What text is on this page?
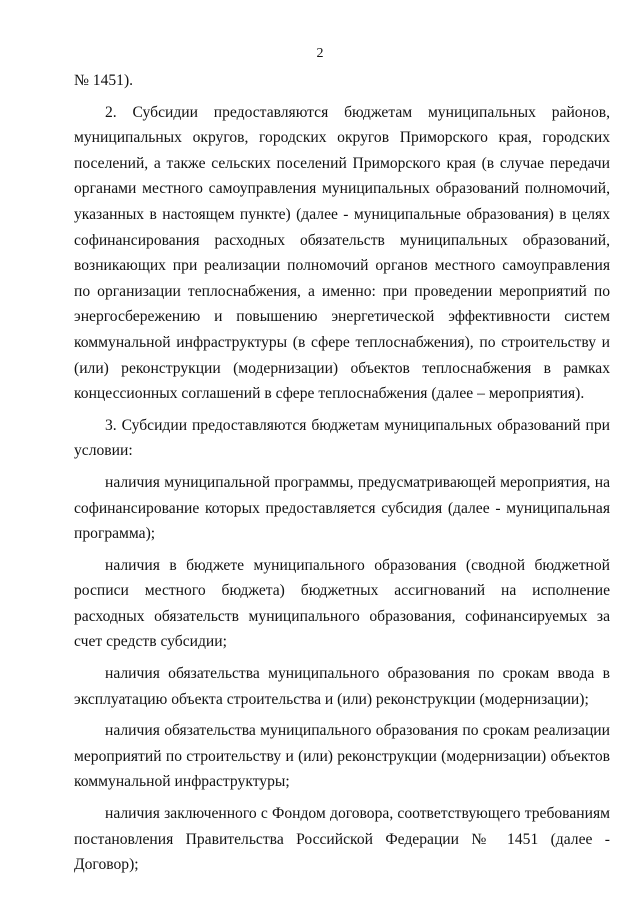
2

№ 1451).

2. Субсидии предоставляются бюджетам муниципальных районов, муниципальных округов, городских округов Приморского края, городских поселений, а также сельских поселений Приморского края (в случае передачи органами местного самоуправления муниципальных образований полномочий, указанных в настоящем пункте) (далее - муниципальные образования) в целях софинансирования расходных обязательств муниципальных образований, возникающих при реализации полномочий органов местного самоуправления по организации теплоснабжения, а именно: при проведении мероприятий по энергосбережению и повышению энергетической эффективности систем коммунальной инфраструктуры (в сфере теплоснабжения), по строительству и (или) реконструкции (модернизации) объектов теплоснабжения в рамках концессионных соглашений в сфере теплоснабжения (далее – мероприятия).

3. Субсидии предоставляются бюджетам муниципальных образований при условии:

наличия муниципальной программы, предусматривающей мероприятия, на софинансирование которых предоставляется субсидия (далее - муниципальная программа);

наличия в бюджете муниципального образования (сводной бюджетной росписи местного бюджета) бюджетных ассигнований на исполнение расходных обязательств муниципального образования, софинансируемых за счет средств субсидии;

наличия обязательства муниципального образования по срокам ввода в эксплуатацию объекта строительства и (или) реконструкции (модернизации);

наличия обязательства муниципального образования по срокам реализации мероприятий по строительству и (или) реконструкции (модернизации) объектов коммунальной инфраструктуры;

наличия заключенного с Фондом договора, соответствующего требованиям постановления Правительства Российской Федерации № 1451 (далее - Договор);
